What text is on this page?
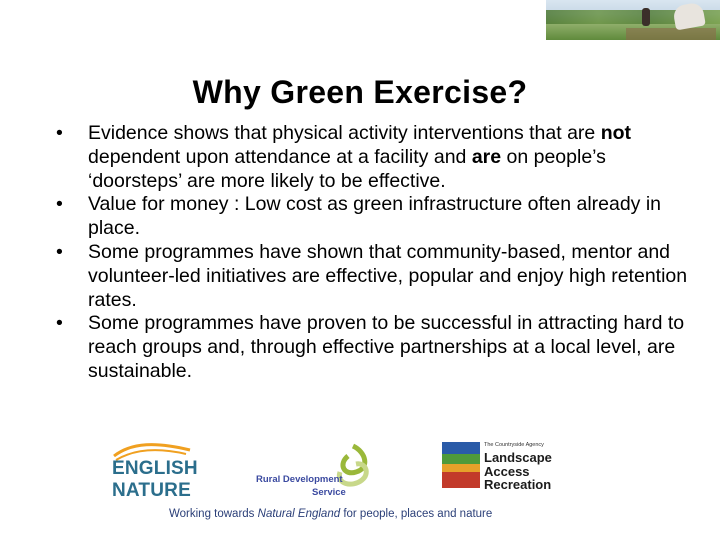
Why Green Exercise?
• Evidence shows that physical activity interventions that are not dependent upon attendance at a facility and are on people’s ‘doorsteps’ are more likely to be effective.
• Value for money : Low cost as green infrastructure often already in place.
• Some programmes have shown that community-based, mentor and volunteer-led initiatives are effective, popular and enjoy high retention rates.
• Some programmes have proven to be successful in attracting hard to reach groups and, through effective partnerships at a local level, are sustainable.
ENGLISH
NATURE
Rural Development
Service
The Countryside Agency
Landscape
Access
Recreation
Working towards Natural England for people, places and nature
